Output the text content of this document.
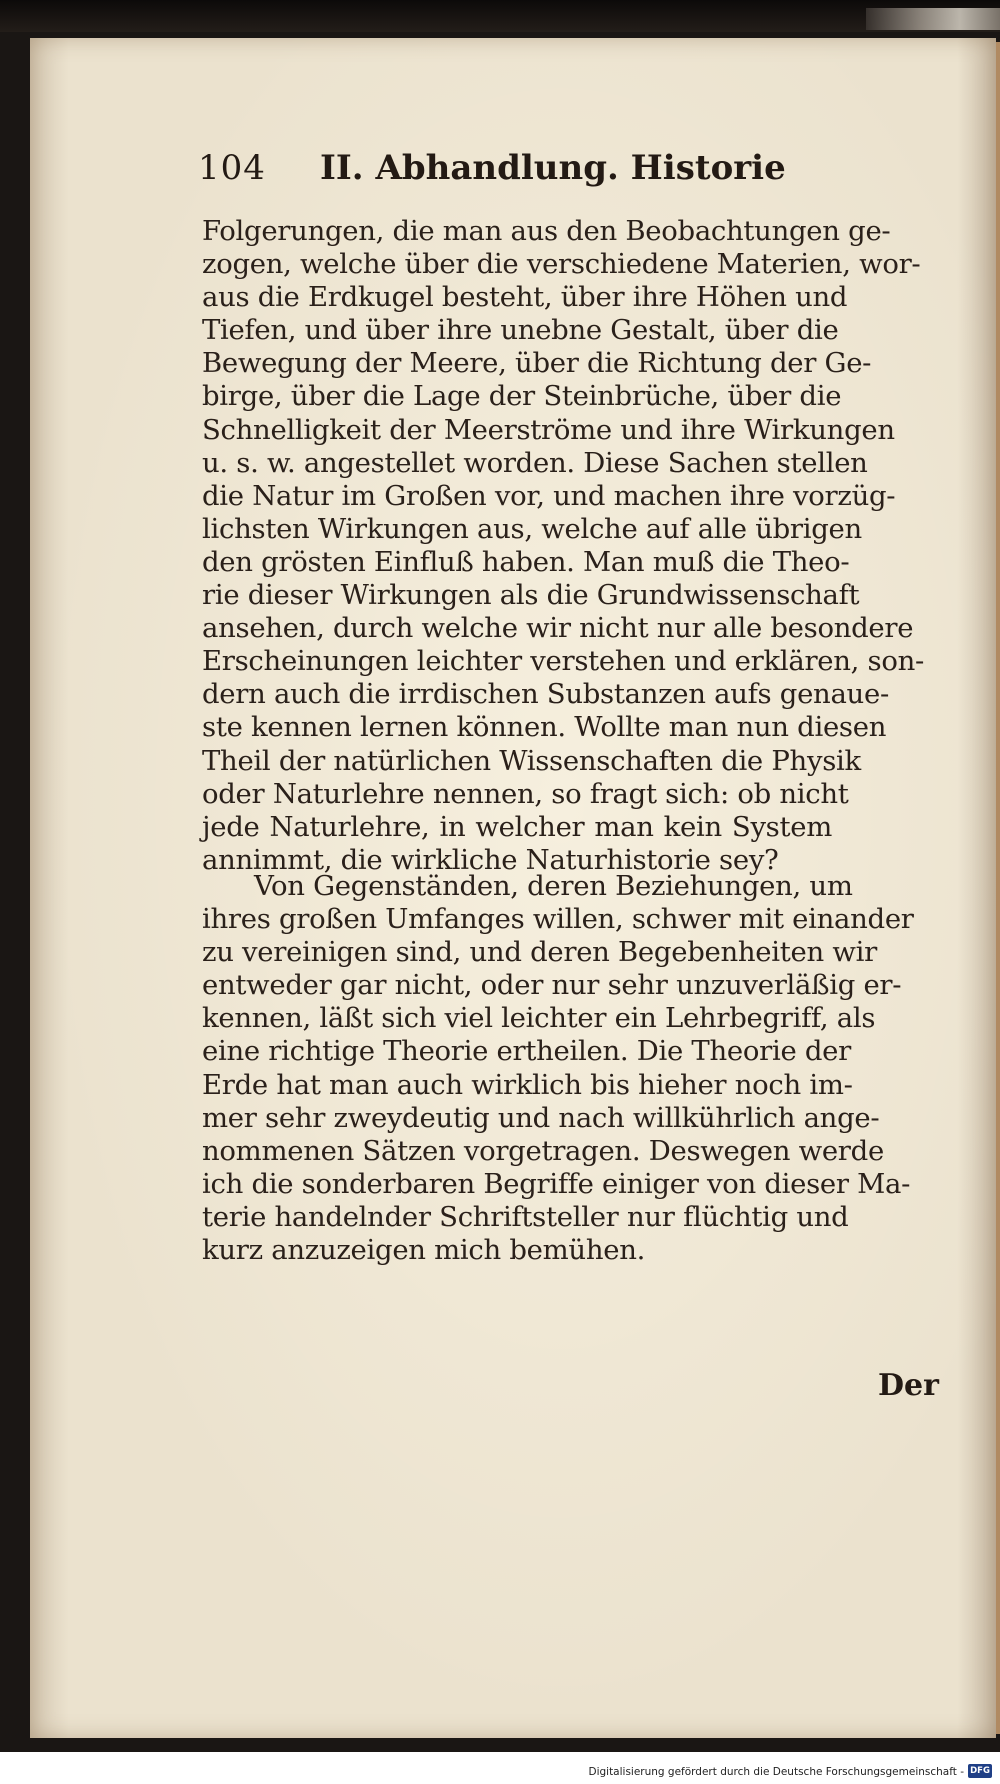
104 II. Abhandlung. Historie
Folgerungen, die man aus den Beobachtungen ge-
zogen, welche über die verschiedene Materien, wor-
aus die Erdkugel besteht, über ihre Höhen und
Tiefen, und über ihre unebne Gestalt, über die
Bewegung der Meere, über die Richtung der Ge-
birge, über die Lage der Steinbrüche, über die
Schnelligkeit der Meerströme und ihre Wirkungen
u. s. w. angestellet worden. Diese Sachen stellen
die Natur im Großen vor, und machen ihre vorzüg-
lichsten Wirkungen aus, welche auf alle übrigen
den grösten Einfluß haben. Man muß die Theo-
rie dieser Wirkungen als die Grundwissenschaft
ansehen, durch welche wir nicht nur alle besondere
Erscheinungen leichter verstehen und erklären, son-
dern auch die irrdischen Substanzen aufs genaue-
ste kennen lernen können. Wollte man nun diesen
Theil der natürlichen Wissenschaften die Physik
oder Naturlehre nennen, so fragt sich: ob nicht
jede Naturlehre, in welcher man kein System
annimmt, die wirkliche Naturhistorie sey?
Von Gegenständen, deren Beziehungen, um
ihres großen Umfanges willen, schwer mit einander
zu vereinigen sind, und deren Begebenheiten wir
entweder gar nicht, oder nur sehr unzuverläßig er-
kennen, läßt sich viel leichter ein Lehrbegriff, als
eine richtige Theorie ertheilen. Die Theorie der
Erde hat man auch wirklich bis hieher noch im-
mer sehr zweydeutig und nach willkührlich ange-
nommenen Sätzen vorgetragen. Deswegen werde
ich die sonderbaren Begriffe einiger von dieser Ma-
terie handelnder Schriftsteller nur flüchtig und
kurz anzuzeigen mich bemühen.
Der
Digitalisierung gefördert durch die Deutsche Forschungsgemeinschaft - DFG
